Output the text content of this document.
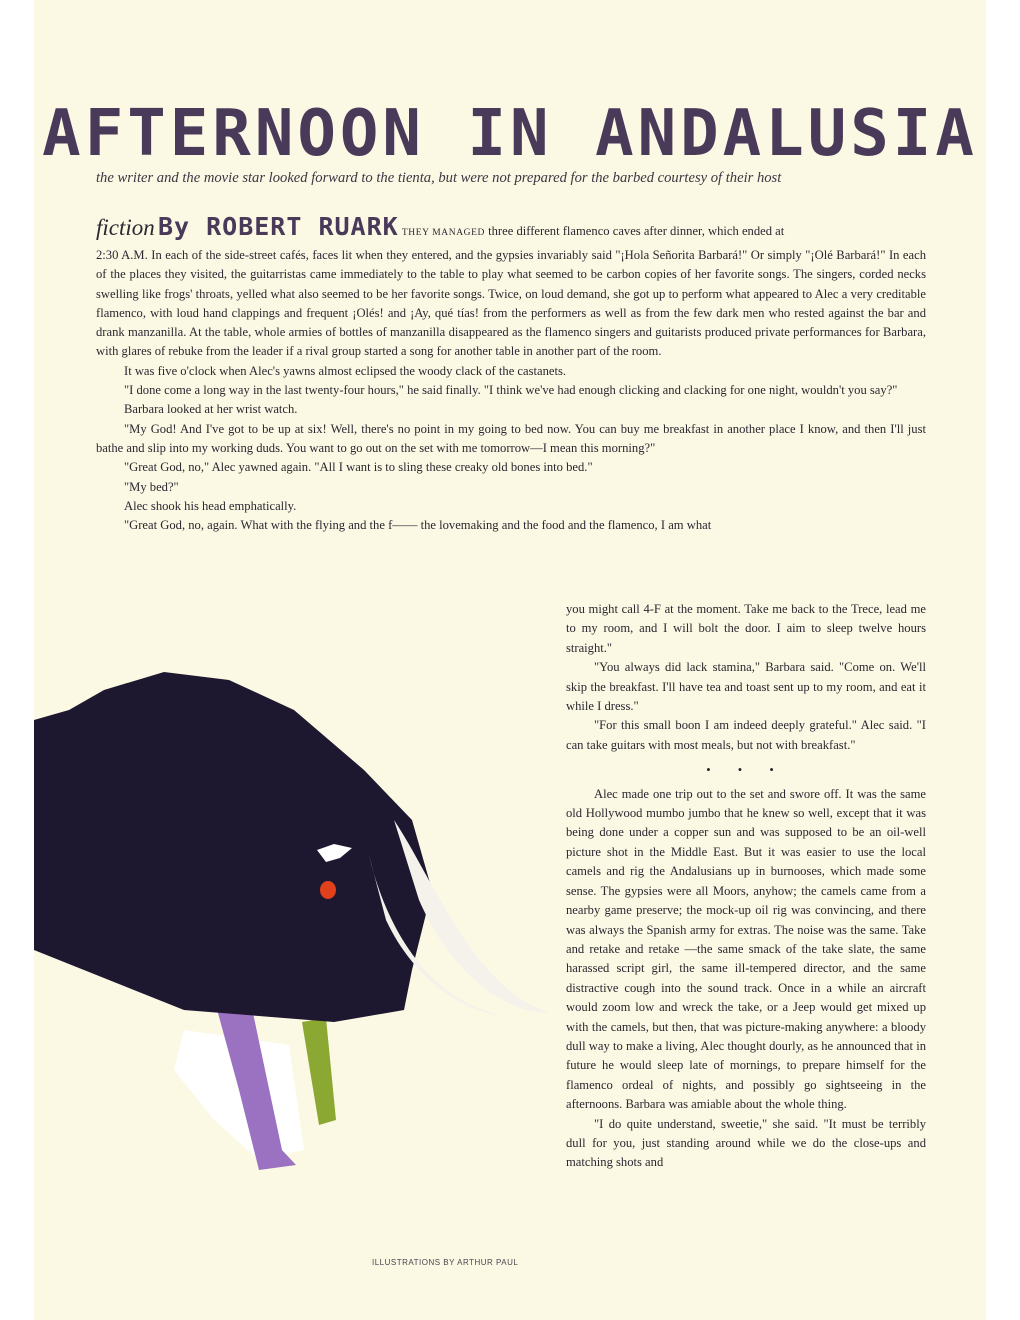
AFTERNOON IN ANDALUSIA
the writer and the movie star looked forward to the tienta, but were not prepared for the barbed courtesy of their host
fiction By ROBERT RUARK THEY MANAGED three different flamenco caves after dinner, which ended at

2:30 A.M. In each of the side-street cafés, faces lit when they entered, and the gypsies invariably said "¡Hola Señorita Barbará!" Or simply "¡Olé Barbará!" In each of the places they visited, the guitarristas came immediately to the table to play what seemed to be carbon copies of her favorite songs. The singers, corded necks swelling like frogs' throats, yelled what also seemed to be her favorite songs. Twice, on loud demand, she got up to perform what appeared to Alec a very creditable flamenco, with loud hand clappings and frequent ¡Olés! and ¡Ay, qué tías! from the performers as well as from the few dark men who rested against the bar and drank manzanilla. At the table, whole armies of bottles of manzanilla disappeared as the flamenco singers and guitarists produced private performances for Barbara, with glares of rebuke from the leader if a rival group started a song for another table in another part of the room.

It was five o'clock when Alec's yawns almost eclipsed the woody clack of the castanets.

"I done come a long way in the last twenty-four hours," he said finally. "I think we've had enough clicking and clacking for one night, wouldn't you say?"

Barbara looked at her wrist watch.

"My God! And I've got to be up at six! Well, there's no point in my going to bed now. You can buy me breakfast in another place I know, and then I'll just bathe and slip into my working duds. You want to go out on the set with me tomorrow—I mean this morning?"

"Great God, no," Alec yawned again. "All I want is to sling these creaky old bones into bed."

"My bed?"

Alec shook his head emphatically.

"Great God, no, again. What with the flying and the f—— the lovemaking and the food and the flamenco, I am what

you might call 4-F at the moment. Take me back to the Trece, lead me to my room, and I will bolt the door. I aim to sleep twelve hours straight."

"You always did lack stamina," Barbara said. "Come on. We'll skip the breakfast. I'll have tea and toast sent up to my room, and eat it while I dress."

"For this small boon I am indeed deeply grateful." Alec said. "I can take guitars with most meals, but not with breakfast."

• • •

Alec made one trip out to the set and swore off. It was the same old Hollywood mumbo jumbo that he knew so well, except that it was being done under a copper sun and was supposed to be an oil-well picture shot in the Middle East. But it was easier to use the local camels and rig the Andalusians up in burnooses, which made some sense. The gypsies were all Moors, anyhow; the camels came from a nearby game preserve; the mock-up oil rig was convincing, and there was always the Spanish army for extras. The noise was the same. Take and retake and retake —the same smack of the take slate, the same harassed script girl, the same ill-tempered director, and the same distractive cough into the sound track. Once in a while an aircraft would zoom low and wreck the take, or a Jeep would get mixed up with the camels, but then, that was picture-making anywhere: a bloody dull way to make a living, Alec thought dourly, as he announced that in future he would sleep late of mornings, to prepare himself for the flamenco ordeal of nights, and possibly go sightseeing in the afternoons. Barbara was amiable about the whole thing.

"I do quite understand, sweetie," she said. "It must be terribly dull for you, just standing around while we do the close-ups and matching shots and

ILLUSTRATIONS BY ARTHUR PAUL
